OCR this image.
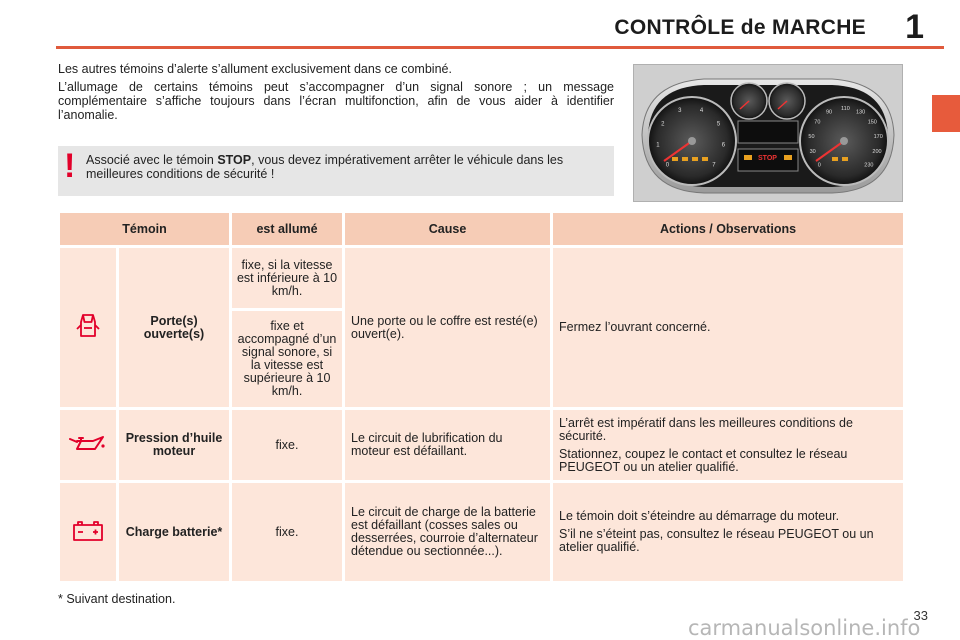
CONTRÔLE de MARCHE 1

Les autres témoins d’alerte s’allument exclusivement dans ce combiné.

L’allumage de certains témoins peut s’accompagner d’un signal sonore ; un message complémentaire s’affiche toujours dans l’écran multifonction, afin de vous aider à identifier l’anomalie.

! Associé avec le témoin STOP, vous devez impérativement arrêter le véhicule dans les meilleures conditions de sécurité !
0
1
2
3	4
5
6
7	0
30
50
70
90
110
130
150
170
200
230
STOP
Témoin		est allumé	Cause	Actions / Observations
	Porte(s) ouverte(s)	fixe, si la vitesse est inférieure à 10 km/h.	Une porte ou le coffre est resté(e) ouvert(e).	Fermez l’ouvrant concerné.

		fixe et accompagné d’un signal sonore, si la vitesse est supérieure à 10 km/h.		
	Pression d’huile moteur	fixe.	Le circuit de lubrification du moteur est défaillant.	L’arrêt est impératif dans les meilleures conditions de sécurité.

Stationnez, coupez le contact et consultez le réseau PEUGEOT ou un atelier qualifié.

	Charge batterie*	fixe.	Le circuit de charge de la batterie est défaillant (cosses sales ou desserrées, courroie d’alternateur détendue ou sectionnée...).	Le témoin doit s’éteindre au démarrage du moteur.

S’il ne s’éteint pas, consultez le réseau PEUGEOT ou un atelier qualifié.

* Suivant destination.
33
carmanualsonline.info
